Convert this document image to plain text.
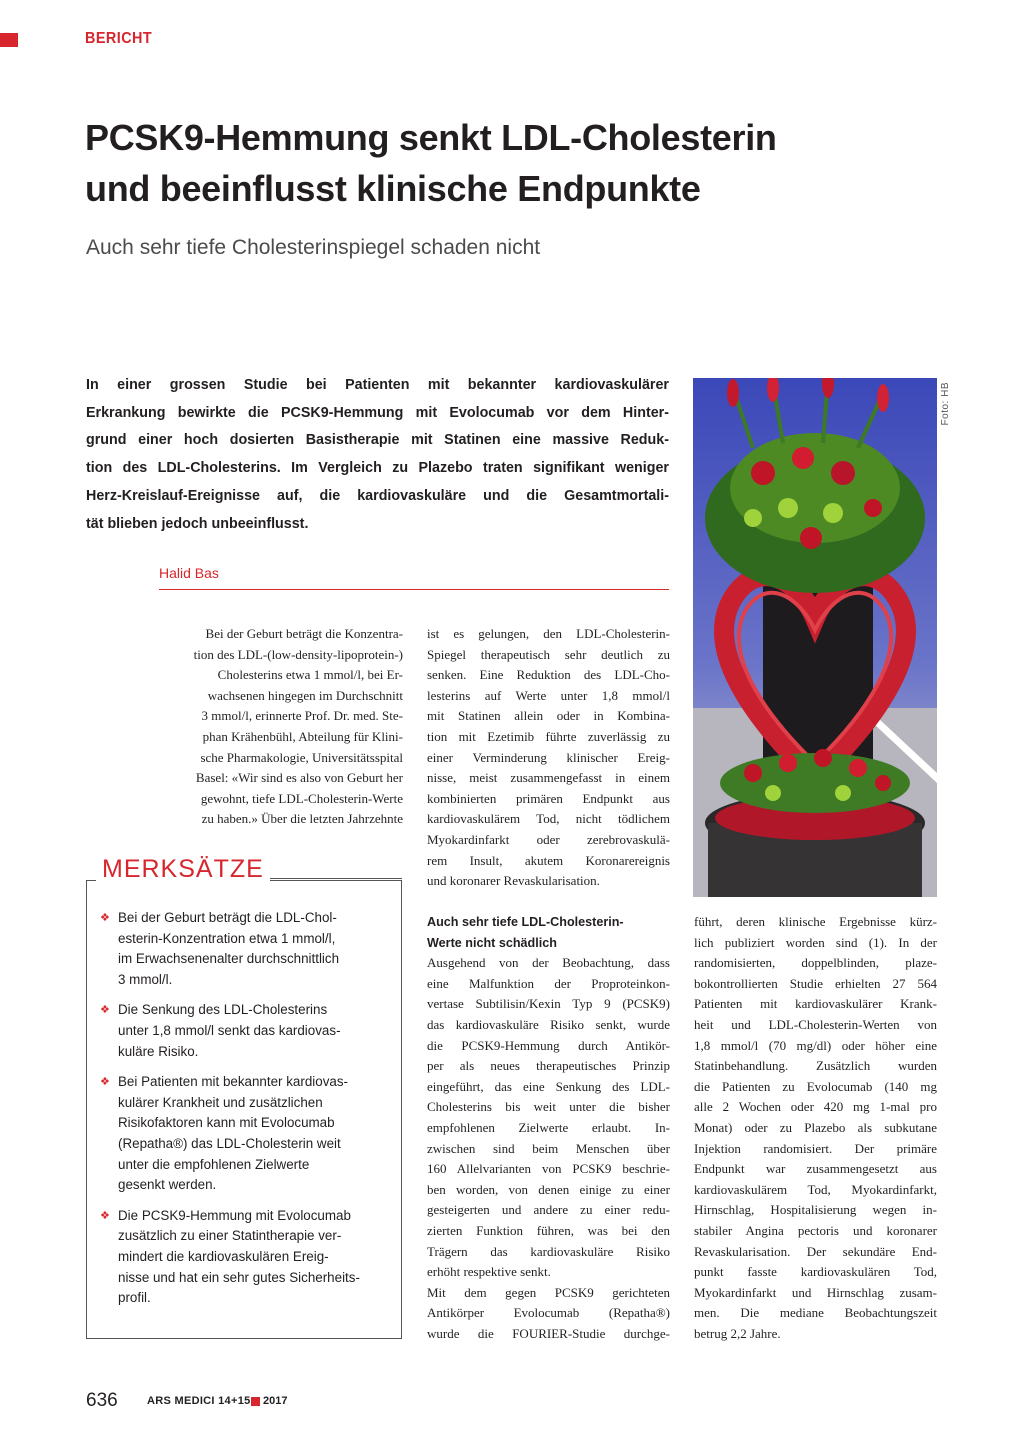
BERICHT
PCSK9-Hemmung senkt LDL-Cholesterin
und beeinflusst klinische Endpunkte
Auch sehr tiefe Cholesterinspiegel schaden nicht
In einer grossen Studie bei Patienten mit bekannter kardiovaskulärer
Erkrankung bewirkte die PCSK9-Hemmung mit Evolocumab vor dem Hinter-
grund einer hoch dosierten Basistherapie mit Statinen eine massive Reduk-
tion des LDL-Cholesterins. Im Vergleich zu Plazebo traten signifikant weniger
Herz-Kreislauf-Ereignisse auf, die kardiovaskuläre und die Gesamtmortali-
tät blieben jedoch unbeeinflusst.
Halid Bas
Bei der Geburt beträgt die Konzentra-
tion des LDL-(low-density-lipoprotein-)
Cholesterins etwa 1 mmol/l, bei Er-
wachsenen hingegen im Durchschnitt
3 mmol/l, erinnerte Prof. Dr. med. Ste-
phan Krähenbühl, Abteilung für Klini-
sche Pharmakologie, Universitätsspital
Basel: «Wir sind es also von Geburt her
gewohnt, tiefe LDL-Cholesterin-Werte
zu haben.» Über die letzten Jahrzehnte
ist es gelungen, den LDL-Cholesterin-
Spiegel therapeutisch sehr deutlich zu
senken. Eine Reduktion des LDL-Cho-
lesterins auf Werte unter 1,8 mmol/l
mit Statinen allein oder in Kombina-
tion mit Ezetimib führte zuverlässig zu
einer Verminderung klinischer Ereig-
nisse, meist zusammengefasst in einem
kombinierten primären Endpunkt aus
kardiovaskulärem Tod, nicht tödlichem
Myokardinfarkt oder zerebrovaskulä-
rem Insult, akutem Koronarereignis
und koronarer Revaskularisation.
Foto: HB
MERKSÄTZE
❖ Bei der Geburt beträgt die LDL-Chol-
esterin-Konzentration etwa 1 mmol/l,
im Erwachsenenalter durchschnittlich
3 mmol/l.
❖ Die Senkung des LDL-Cholesterins
unter 1,8 mmol/l senkt das kardiovas-
kuläre Risiko.
❖ Bei Patienten mit bekannter kardiovas-
kulärer Krankheit und zusätzlichen
Risikofaktoren kann mit Evolocumab
(Repatha®) das LDL-Cholesterin weit
unter die empfohlenen Zielwerte
gesenkt werden.
❖ Die PCSK9-Hemmung mit Evolocumab
zusätzlich zu einer Statintherapie ver-
mindert die kardiovaskulären Ereig-
nisse und hat ein sehr gutes Sicherheits-
profil.
Auch sehr tiefe LDL-Cholesterin-
Werte nicht schädlich
Ausgehend von der Beobachtung, dass
eine Malfunktion der Proproteinkon-
vertase Subtilisin/Kexin Typ 9 (PCSK9)
das kardiovaskuläre Risiko senkt, wurde
die PCSK9-Hemmung durch Antikör-
per als neues therapeutisches Prinzip
eingeführt, das eine Senkung des LDL-
Cholesterins bis weit unter die bisher
empfohlenen Zielwerte erlaubt. In-
zwischen sind beim Menschen über
160 Allelvarianten von PCSK9 beschrie-
ben worden, von denen einige zu einer
gesteigerten und andere zu einer redu-
zierten Funktion führen, was bei den
Trägern das kardiovaskuläre Risiko
erhöht respektive senkt.
Mit dem gegen PCSK9 gerichteten
Antikörper Evolocumab (Repatha®)
wurde die FOURIER-Studie durchge-
führt, deren klinische Ergebnisse kürz-
lich publiziert worden sind (1). In der
randomisierten, doppelblinden, plaze-
bokontrollierten Studie erhielten 27 564
Patienten mit kardiovaskulärer Krank-
heit und LDL-Cholesterin-Werten von
1,8 mmol/l (70 mg/dl) oder höher eine
Statinbehandlung. Zusätzlich wurden
die Patienten zu Evolocumab (140 mg
alle 2 Wochen oder 420 mg 1-mal pro
Monat) oder zu Plazebo als subkutane
Injektion randomisiert. Der primäre
Endpunkt war zusammengesetzt aus
kardiovaskulärem Tod, Myokardinfarkt,
Hirnschlag, Hospitalisierung wegen in-
stabiler Angina pectoris und koronarer
Revaskularisation. Der sekundäre End-
punkt fasste kardiovaskulären Tod,
Myokardinfarkt und Hirnschlag zusam-
men. Die mediane Beobachtungszeit
betrug 2,2 Jahre.
636	ARS MEDICI 14+15 2017
